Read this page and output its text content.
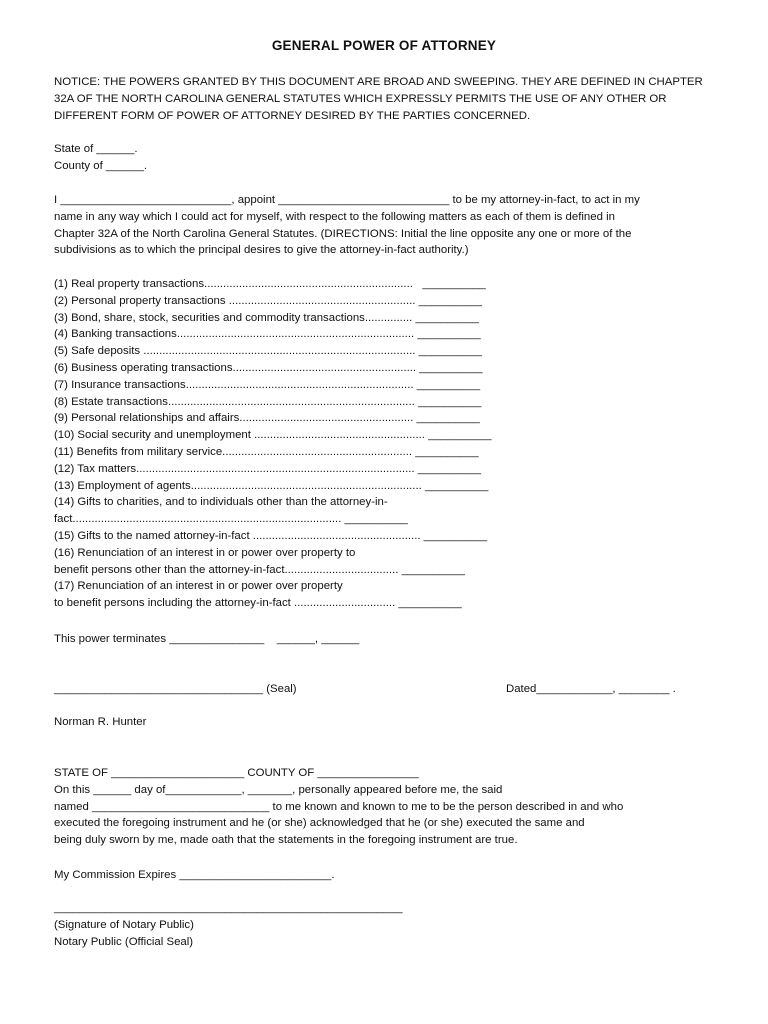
GENERAL POWER OF ATTORNEY
NOTICE: THE POWERS GRANTED BY THIS DOCUMENT ARE BROAD AND SWEEPING. THEY ARE DEFINED IN CHAPTER
32A OF THE NORTH CAROLINA GENERAL STATUTES WHICH EXPRESSLY PERMITS THE USE OF ANY OTHER OR
DIFFERENT FORM OF POWER OF ATTORNEY DESIRED BY THE PARTIES CONCERNED.
State of ______.
County of ______.
I ___________________________, appoint ___________________________ to be my attorney-in-fact, to act in my
name in any way which I could act for myself, with respect to the following matters as each of them is defined in
Chapter 32A of the North Carolina General Statutes. (DIRECTIONS: Initial the line opposite any one or more of the
subdivisions as to which the principal desires to give the attorney-in-fact authority.)
(1) Real property transactions..................................................................   __________
(2) Personal property transactions ........................................................... __________
(3) Bond, share, stock, securities and commodity transactions............... __________
(4) Banking transactions........................................................................... __________
(5) Safe deposits ...................................................................................... __________
(6) Business operating transactions.......................................................... __________
(7) Insurance transactions........................................................................ __________
(8) Estate transactions.............................................................................. __________
(9) Personal relationships and affairs....................................................... __________
(10) Social security and unemployment ...................................................... __________
(11) Benefits from military service............................................................ __________
(12) Tax matters........................................................................................ __________
(13) Employment of agents......................................................................... __________
(14) Gifts to charities, and to individuals other than the attorney-in-
fact..................................................................................... __________
(15) Gifts to the named attorney-in-fact ..................................................... __________
(16) Renunciation of an interest in or power over property to
benefit persons other than the attorney-in-fact.................................... __________
(17) Renunciation of an interest in or power over property
to benefit persons including the attorney-in-fact ................................ __________
This power terminates _______________    ______, ______
_________________________________ (Seal)	Dated____________, ________ .
Norman R. Hunter
STATE OF _____________________ COUNTY OF ________________
On this ______ day of____________, _______, personally appeared before me, the said
named ____________________________ to me known and known to me to be the person described in and who
executed the foregoing instrument and he (or she) acknowledged that he (or she) executed the same and
being duly sworn by me, made oath that the statements in the foregoing instrument are true.
My Commission Expires ________________________.
_______________________________________________________
(Signature of Notary Public)
Notary Public (Official Seal)
